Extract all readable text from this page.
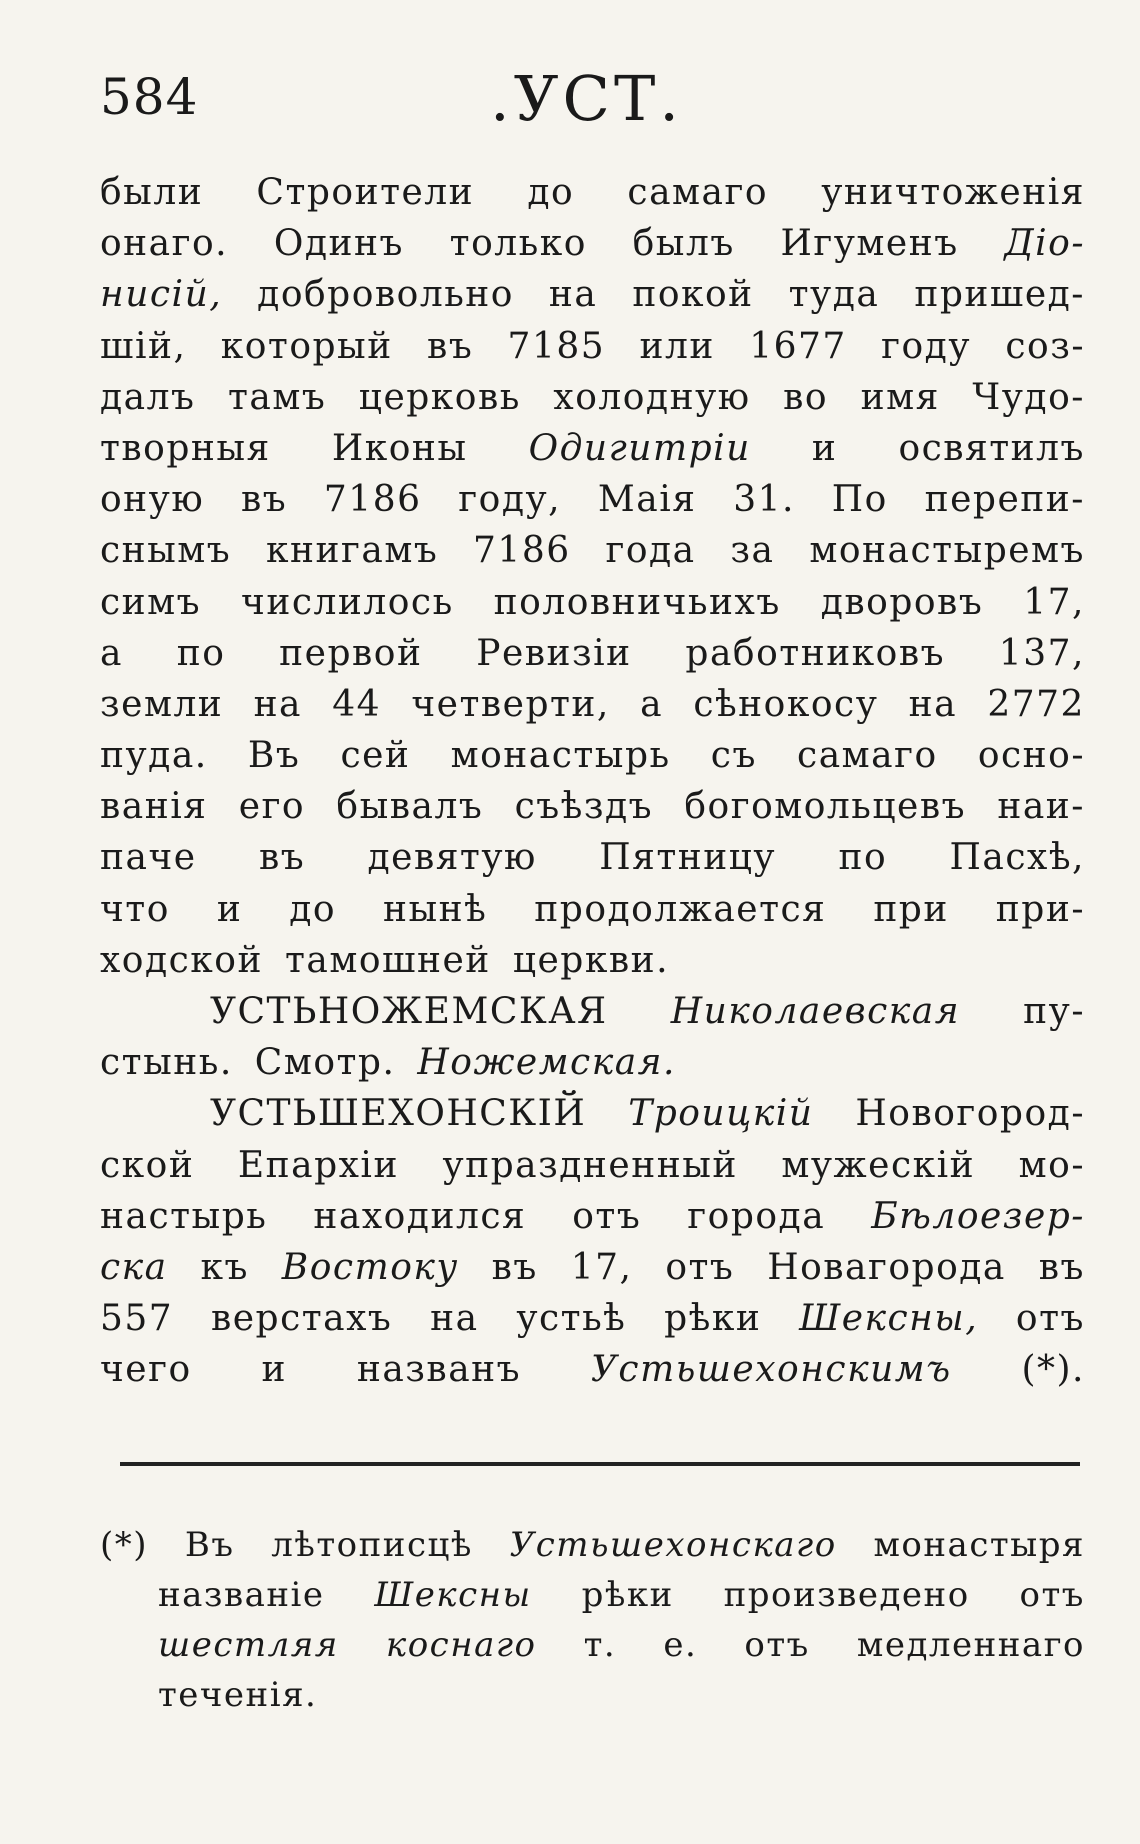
584	.УСТ.
были Строители до самаго уничтоженія
онаго. Одинъ только былъ Игуменъ Діо-
нисій, добровольно на покой туда пришед-
шій, который въ 7185 или 1677 году соз-
далъ тамъ церковь холодную во имя Чудо-
творныя Иконы Одигитріи и освятилъ
оную въ 7186 году, Маія 31. По перепи-
снымъ книгамъ 7186 года за монастыремъ
симъ числилось половничьихъ дворовъ 17,
а по первой Ревизіи работниковъ 137,
земли на 44 четверти, а сѣнокосу на 2772
пуда. Въ сей монастырь съ самаго осно-
ванія его бывалъ съѣздъ богомольцевъ наи-
паче въ девятую Пятницу по Пасхѣ,
что и до нынѣ продолжается при при-
ходской тамошней церкви.
УСТЬНОЖЕМСКАЯ Николаевская пу-
стынь. Смотр. Ножемская.
УСТЬШЕХОНСКІЙ Троицкій Новогород-
ской Епархіи упраздненный мужескій мо-
настырь находился отъ города Бѣлоезер-
ска къ Востоку въ 17, отъ Новагорода въ
557 верстахъ на устьѣ рѣки Шексны, отъ
чего и названъ Устьшехонскимъ (*).
(*) Въ лѣтописцѣ Устьшехонскаго монастыря
названіе Шексны рѣки произведено отъ
шестляя коснаго т. е. отъ медленнаго
теченія.
